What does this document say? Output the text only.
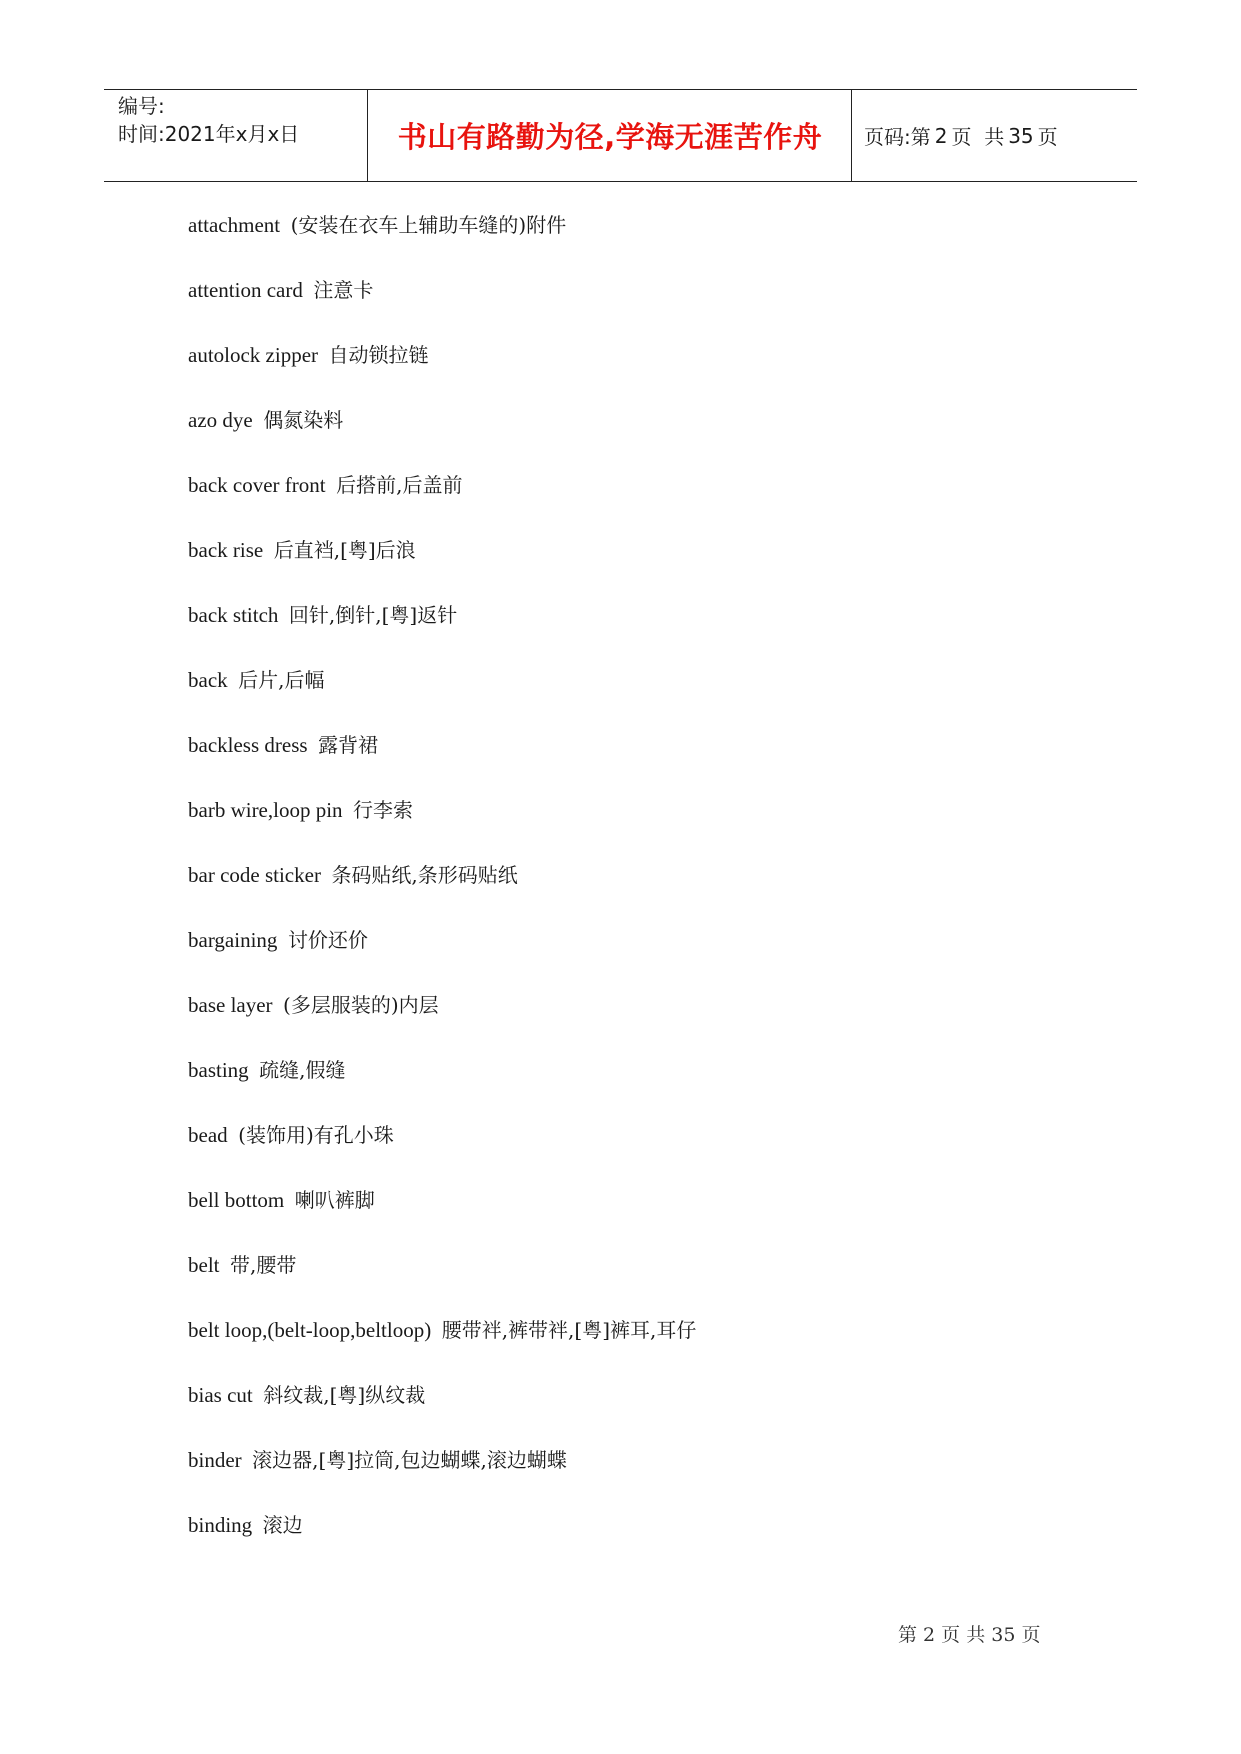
编号:
时间:2021年x月x日	书山有路勤为径,学海无涯苦作舟	页码:第 2 页  共 35 页
attachment (安装在衣车上辅助车缝的)附件
attention card 注意卡
autolock zipper 自动锁拉链
azo dye 偶氮染料
back cover front 后搭前,后盖前
back rise 后直裆,[粤]后浪
back stitch 回针,倒针,[粤]返针
back 后片,后幅
backless dress 露背裙
barb wire,loop pin 行李索
bar code sticker 条码贴纸,条形码贴纸
bargaining 讨价还价
base layer (多层服装的)内层
basting 疏缝,假缝
bead (装饰用)有孔小珠
bell bottom 喇叭裤脚
belt 带,腰带
belt loop,(belt-loop,beltloop) 腰带袢,裤带袢,[粤]裤耳,耳仔
bias cut 斜纹裁,[粤]纵纹裁
binder 滚边器,[粤]拉筒,包边蝴蝶,滚边蝴蝶
binding 滚边
第 2 页 共 35 页
